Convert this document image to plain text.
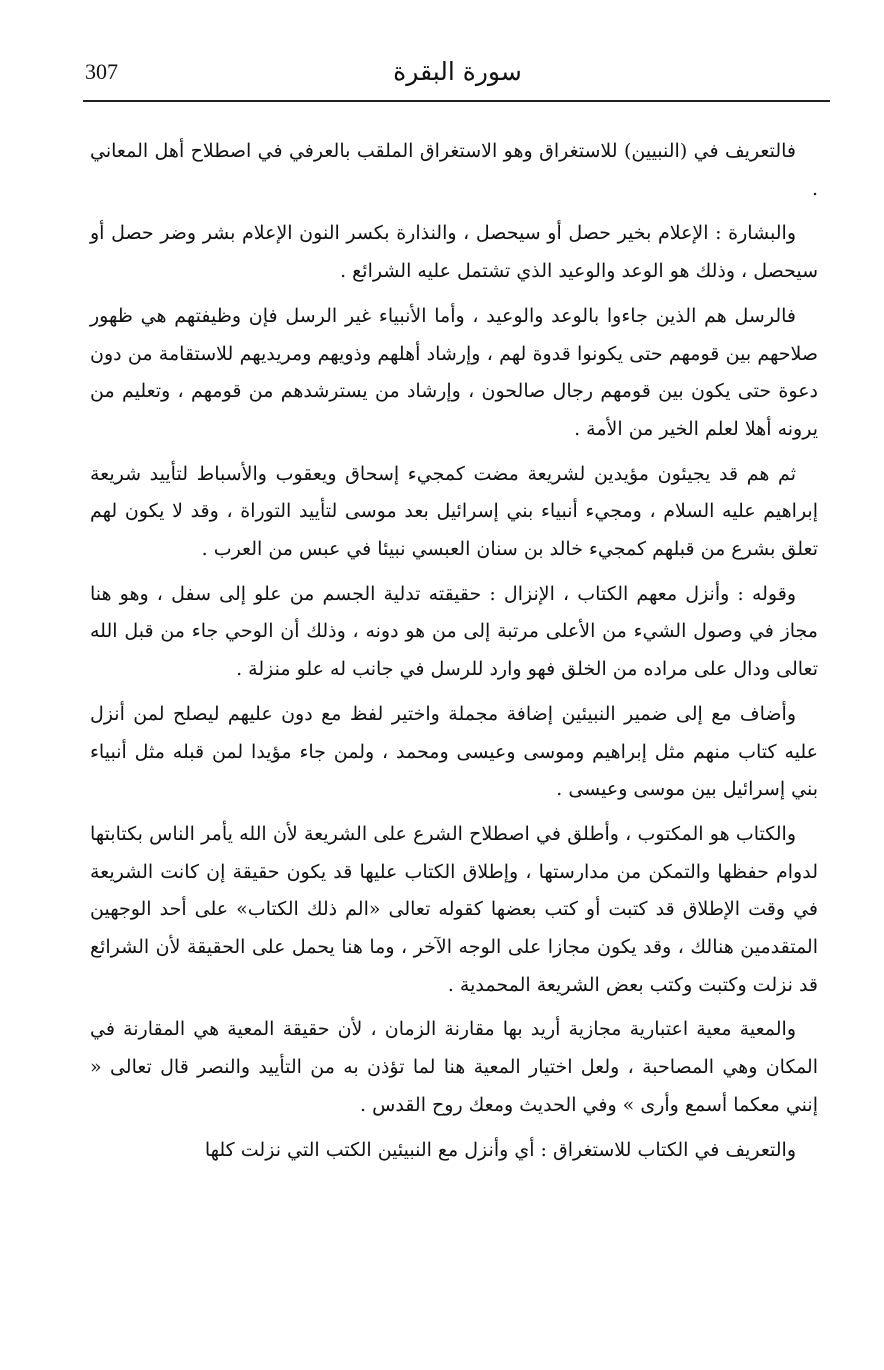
307	سورة البقرة

فالتعريف في (النبيين) للاستغراق وهو الاستغراق الملقب بالعرفي في اصطلاح أهل المعاني .

والبشارة : الإعلام بخير حصل أو سيحصل ، والنذارة بكسر النون الإعلام بشر وضر حصل أو سيحصل ، وذلك هو الوعد والوعيد الذي تشتمل عليه الشرائع .

فالرسل هم الذين جاءوا بالوعد والوعيد ، وأما الأنبياء غير الرسل فإن وظيفتهم هي ظهور صلاحهم بين قومهم حتى يكونوا قدوة لهم ، وإرشاد أهلهم وذويهم ومريديهم للاستقامة من دون دعوة حتى يكون بين قومهم رجال صالحون ، وإرشاد من يسترشدهم من قومهم ، وتعليم من يرونه أهلا لعلم الخير من الأمة .

ثم هم قد يجيئون مؤيدين لشريعة مضت كمجيء إسحاق ويعقوب والأسباط لتأييد شريعة إبراهيم عليه السلام ، ومجيء أنبياء بني إسرائيل بعد موسى لتأييد التوراة ، وقد لا يكون لهم تعلق بشرع من قبلهم كمجيء خالد بن سنان العبسي نبيئا في عبس من العرب .

وقوله : وأنزل معهم الكتاب ، الإنزال : حقيقته تدلية الجسم من علو إلى سفل ، وهو هنا مجاز في وصول الشيء من الأعلى مرتبة إلى من هو دونه ، وذلك أن الوحي جاء من قبل الله تعالى ودال على مراده من الخلق فهو وارد للرسل في جانب له علو منزلة .

وأضاف مع إلى ضمير النبيئين إضافة مجملة واختير لفظ مع دون عليهم ليصلح لمن أنزل عليه كتاب منهم مثل إبراهيم وموسى وعيسى ومحمد ، ولمن جاء مؤيدا لمن قبله مثل أنبياء بني إسرائيل بين موسى وعيسى .

والكتاب هو المكتوب ، وأطلق في اصطلاح الشرع على الشريعة لأن الله يأمر الناس بكتابتها لدوام حفظها والتمكن من مدارستها ، وإطلاق الكتاب عليها قد يكون حقيقة إن كانت الشريعة في وقت الإطلاق قد كتبت أو كتب بعضها كقوله تعالى «الم ذلك الكتاب» على أحد الوجهين المتقدمين هنالك ، وقد يكون مجازا على الوجه الآخر ، وما هنا يحمل على الحقيقة لأن الشرائع قد نزلت وكتبت وكتب بعض الشريعة المحمدية .

والمعية معية اعتبارية مجازية أريد بها مقارنة الزمان ، لأن حقيقة المعية هي المقارنة في المكان وهي المصاحبة ، ولعل اختيار المعية هنا لما تؤذن به من التأييد والنصر قال تعالى « إنني معكما أسمع وأرى » وفي الحديث ومعك روح القدس .

والتعريف في الكتاب للاستغراق : أي وأنزل مع النبيئين الكتب التي نزلت كلها
